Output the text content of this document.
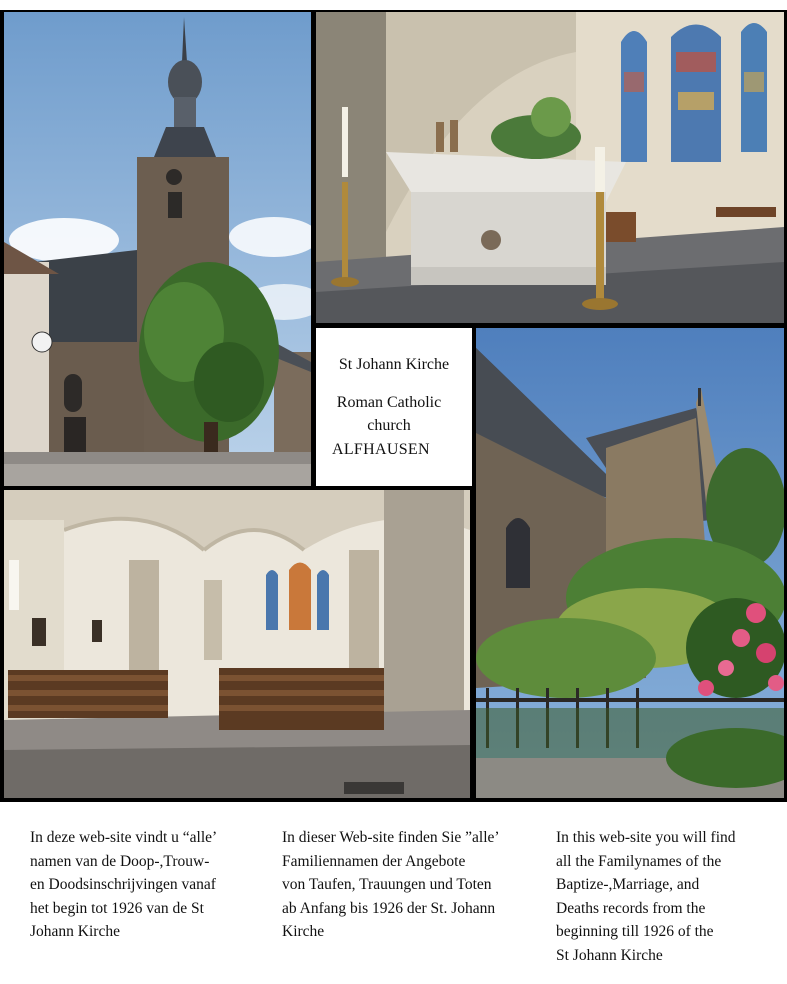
St Johann Kirche
Roman Catholic church
ALFHAUSEN
In deze web-site vindt u “alle’
namen van de Doop-,Trouw-
en Doodsinschrijvingen vanaf
het begin tot 1926 van de St
Johann Kirche
In dieser Web-site finden Sie ”alle’
Familiennamen der Angebote
von Taufen, Trauungen und Toten
ab Anfang bis 1926 der St. Johann
Kirche
In this web-site you will find
all the Familynames of the
Baptize-,Marriage, and
Deaths records from the
beginning till 1926 of the
St Johann Kirche
